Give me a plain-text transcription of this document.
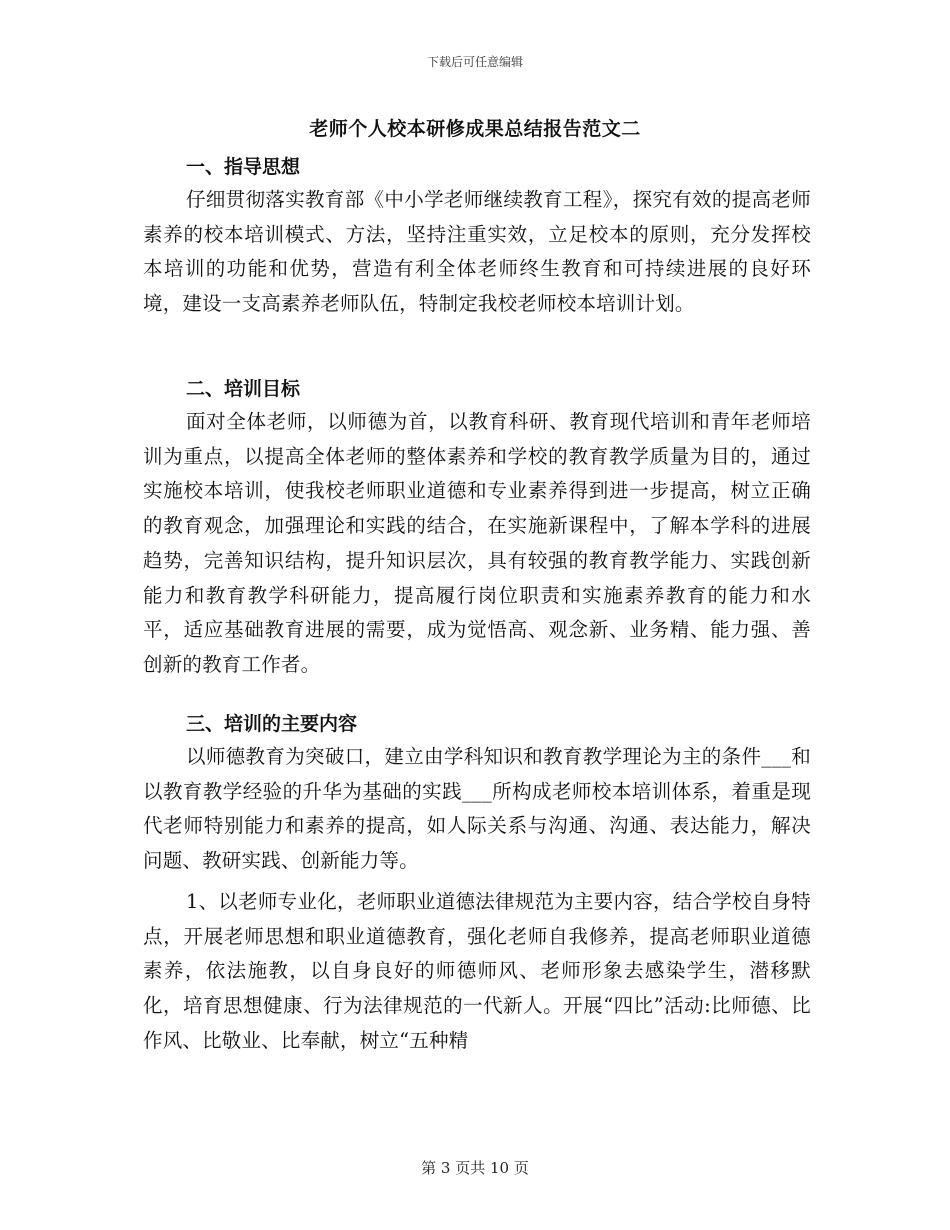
下载后可任意编辑
老师个人校本研修成果总结报告范文二
一、指导思想
仔细贯彻落实教育部《中小学老师继续教育工程》，探究有效的提高老师素养的校本培训模式、方法，坚持注重实效，立足校本的原则，充分发挥校本培训的功能和优势，营造有利全体老师终生教育和可持续进展的良好环境，建设一支高素养老师队伍，特制定我校老师校本培训计划。
二、培训目标
面对全体老师，以师德为首，以教育科研、教育现代培训和青年老师培训为重点，以提高全体老师的整体素养和学校的教育教学质量为目的，通过实施校本培训，使我校老师职业道德和专业素养得到进一步提高，树立正确的教育观念，加强理论和实践的结合，在实施新课程中，了解本学科的进展趋势，完善知识结构，提升知识层次，具有较强的教育教学能力、实践创新能力和教育教学科研能力，提高履行岗位职责和实施素养教育的能力和水平，适应基础教育进展的需要，成为觉悟高、观念新、业务精、能力强、善创新的教育工作者。
三、培训的主要内容
以师德教育为突破口，建立由学科知识和教育教学理论为主的条件___和以教育教学经验的升华为基础的实践___所构成老师校本培训体系，着重是现代老师特别能力和素养的提高，如人际关系与沟通、沟通、表达能力，解决问题、教研实践、创新能力等。
1、以老师专业化，老师职业道德法律规范为主要内容，结合学校自身特点，开展老师思想和职业道德教育，强化老师自我修养，提高老师职业道德素养，依法施教，以自身良好的师德师风、老师形象去感染学生，潜移默化，培育思想健康、行为法律规范的一代新人。开展“四比”活动:比师德、比作风、比敬业、比奉献，树立“五种精
第 3 页共 10 页
